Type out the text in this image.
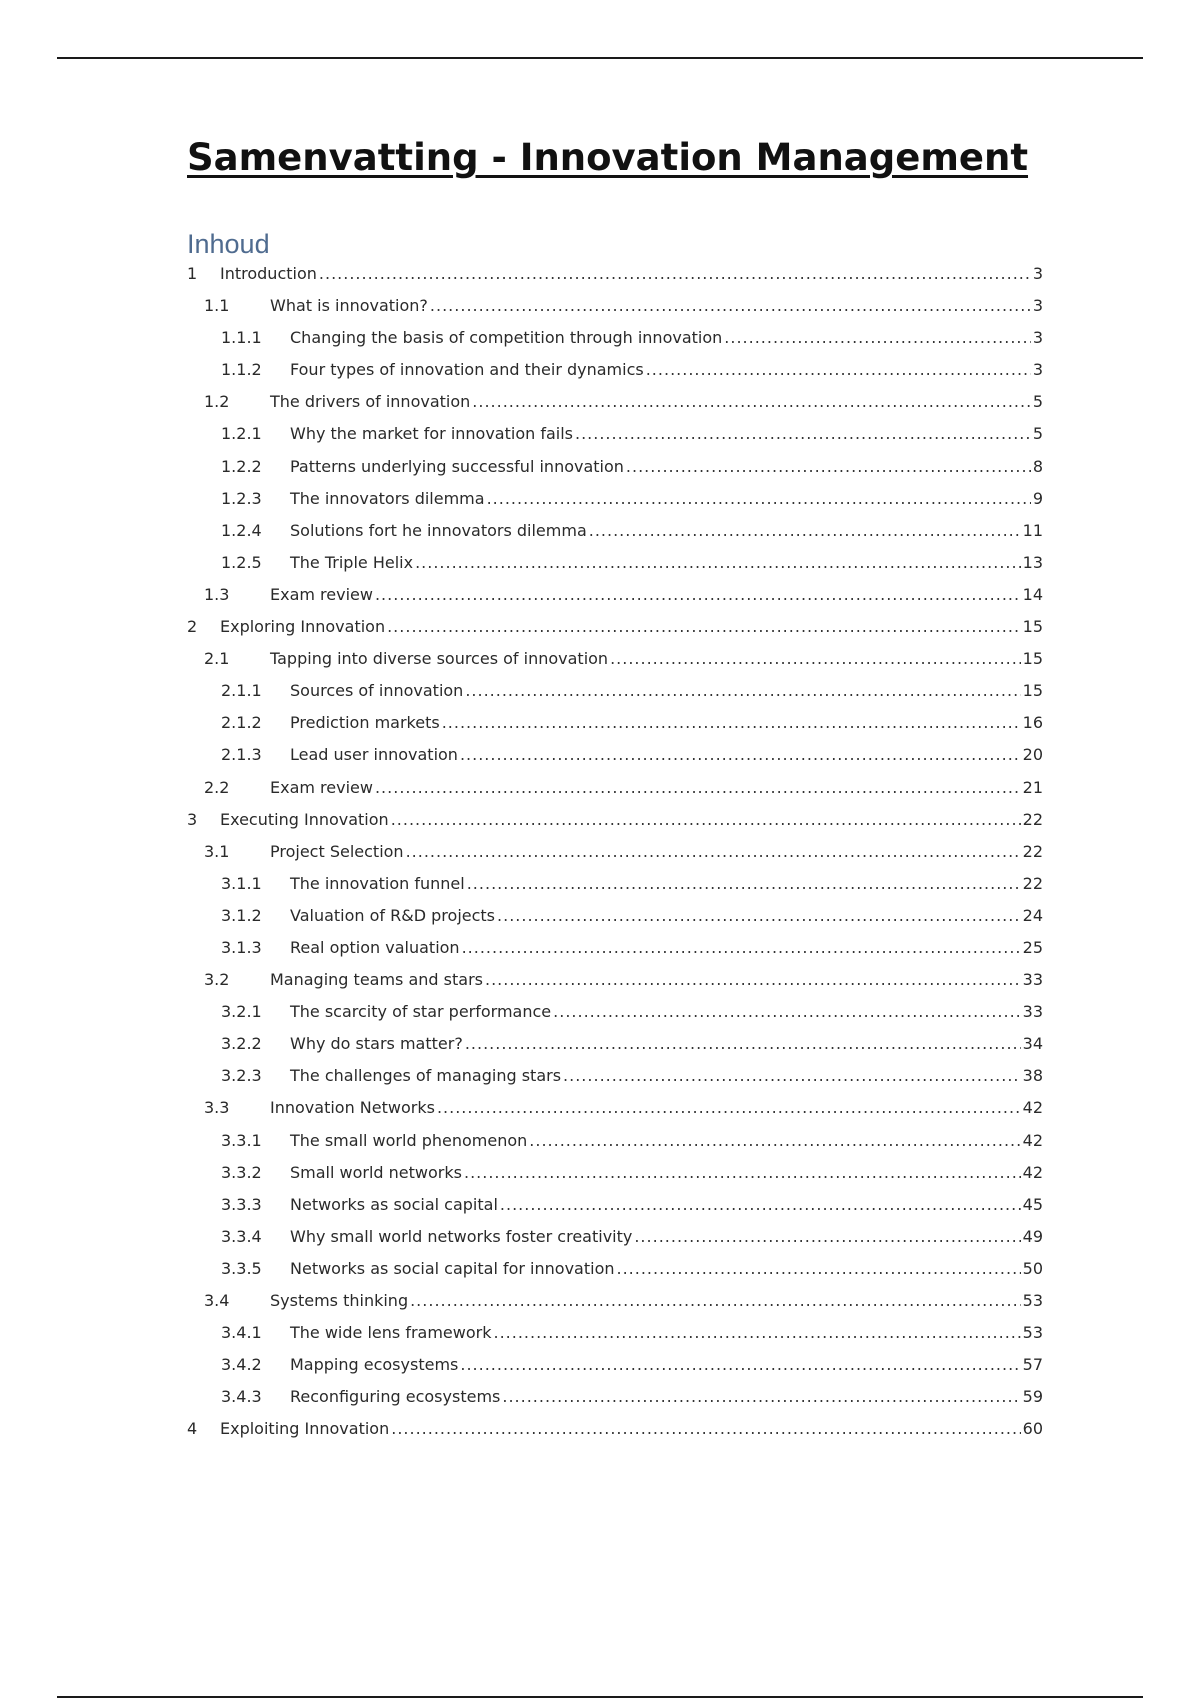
Samenvatting - Innovation Management
Inhoud
1	Introduction .....	3
1.1	What is innovation? .....	3
1.1.1	Changing the basis of competition through innovation .....	3
1.1.2	Four types of innovation and their dynamics .....	3
1.2	The drivers of innovation .....	5
1.2.1	Why the market for innovation fails .....	5
1.2.2	Patterns underlying successful innovation .....	8
1.2.3	The innovators dilemma .....	9
1.2.4	Solutions fort he innovators dilemma .....	11
1.2.5	The Triple Helix .....	13
1.3	Exam review .....	14
2	Exploring Innovation .....	15
2.1	Tapping into diverse sources of innovation .....	15
2.1.1	Sources of innovation .....	15
2.1.2	Prediction markets .....	16
2.1.3	Lead user innovation .....	20
2.2	Exam review .....	21
3	Executing Innovation .....	22
3.1	Project Selection .....	22
3.1.1	The innovation funnel .....	22
3.1.2	Valuation of R&D projects .....	24
3.1.3	Real option valuation .....	25
3.2	Managing teams and stars .....	33
3.2.1	The scarcity of star performance .....	33
3.2.2	Why do stars matter? .....	34
3.2.3	The challenges of managing stars .....	38
3.3	Innovation Networks .....	42
3.3.1	The small world phenomenon .....	42
3.3.2	Small world networks .....	42
3.3.3	Networks as social capital .....	45
3.3.4	Why small world networks foster creativity .....	49
3.3.5	Networks as social capital for innovation .....	50
3.4	Systems thinking .....	53
3.4.1	The wide lens framework .....	53
3.4.2	Mapping ecosystems .....	57
3.4.3	Reconfiguring ecosystems .....	59
4	Exploiting Innovation .....	60
